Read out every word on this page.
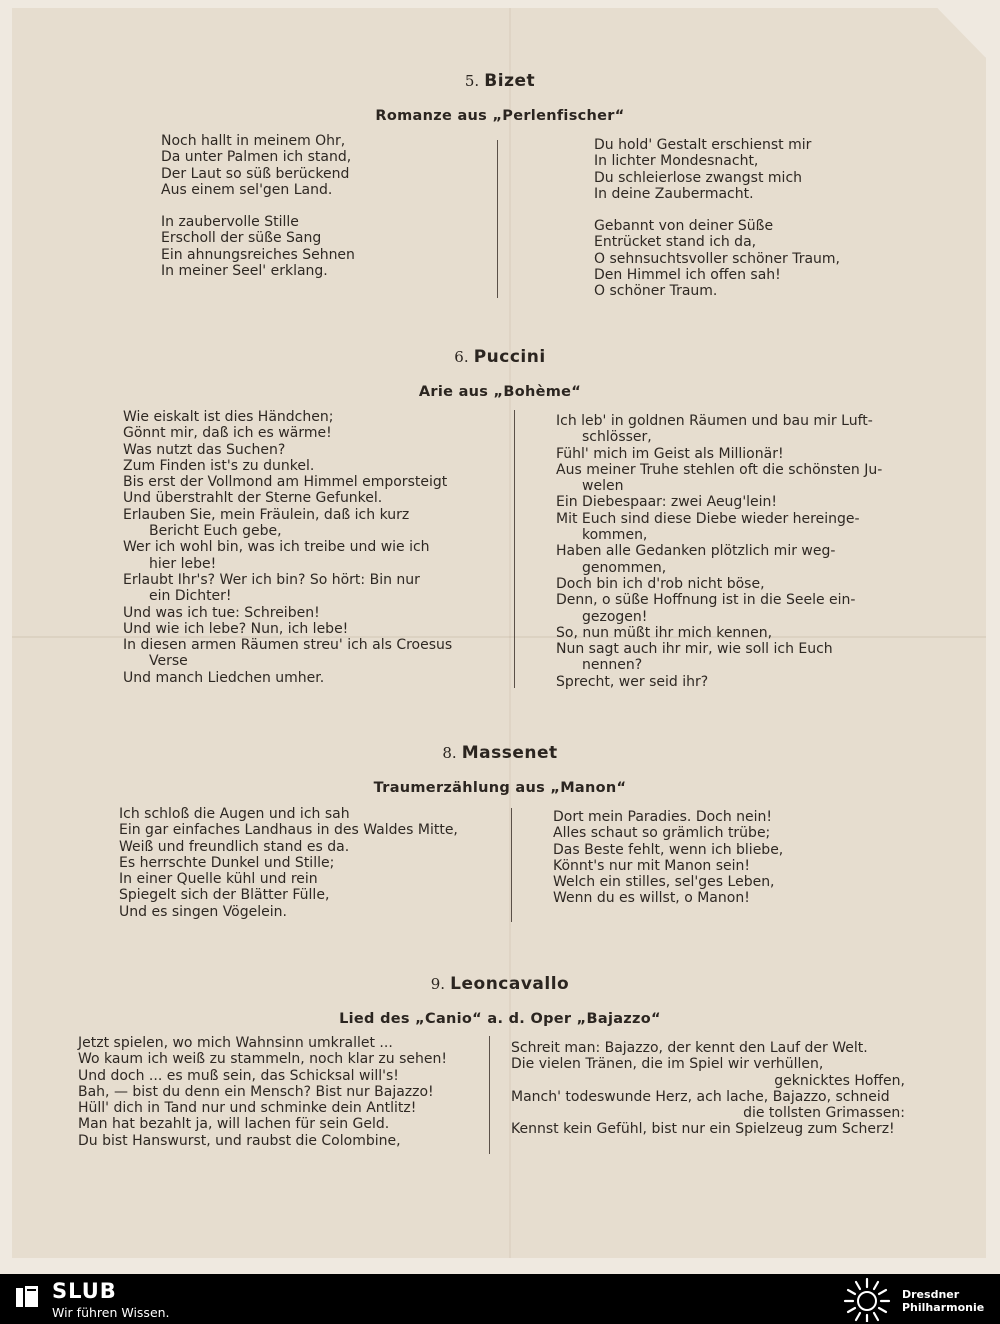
5. Bizet
Romanze aus „Perlenfischer“
Noch hallt in meinem Ohr,
Da unter Palmen ich stand,
Der Laut so süß berückend
Aus einem sel'gen Land.
In zaubervolle Stille
Erscholl der süße Sang
Ein ahnungsreiches Sehnen
In meiner Seel' erklang.
Du hold' Gestalt erschienst mir
In lichter Mondesnacht,
Du schleierlose zwangst mich
In deine Zaubermacht.
Gebannt von deiner Süße
Entrücket stand ich da,
O sehnsuchtsvoller schöner Traum,
Den Himmel ich offen sah!
O schöner Traum.
6. Puccini
Arie aus „Bohème“
Wie eiskalt ist dies Händchen;
Gönnt mir, daß ich es wärme!
Was nutzt das Suchen?
Zum Finden ist's zu dunkel.
Bis erst der Vollmond am Himmel emporsteigt
Und überstrahlt der Sterne Gefunkel.
Erlauben Sie, mein Fräulein, daß ich kurz
Bericht Euch gebe,
Wer ich wohl bin, was ich treibe und wie ich
hier lebe!
Erlaubt Ihr's? Wer ich bin? So hört: Bin nur
ein Dichter!
Und was ich tue: Schreiben!
Und wie ich lebe? Nun, ich lebe!
In diesen armen Räumen streu' ich als Croesus
Verse
Und manch Liedchen umher.
Ich leb' in goldnen Räumen und bau mir Luft-
schlösser,
Fühl' mich im Geist als Millionär!
Aus meiner Truhe stehlen oft die schönsten Ju-
welen
Ein Diebespaar: zwei Aeug'lein!
Mit Euch sind diese Diebe wieder hereinge-
kommen,
Haben alle Gedanken plötzlich mir weg-
genommen,
Doch bin ich d'rob nicht böse,
Denn, o süße Hoffnung ist in die Seele ein-
gezogen!
So, nun müßt ihr mich kennen,
Nun sagt auch ihr mir, wie soll ich Euch
nennen?
Sprecht, wer seid ihr?
8. Massenet
Traumerzählung aus „Manon“
Ich schloß die Augen und ich sah
Ein gar einfaches Landhaus in des Waldes Mitte,
Weiß und freundlich stand es da.
Es herrschte Dunkel und Stille;
In einer Quelle kühl und rein
Spiegelt sich der Blätter Fülle,
Und es singen Vögelein.
Dort mein Paradies. Doch nein!
Alles schaut so grämlich trübe;
Das Beste fehlt, wenn ich bliebe,
Könnt's nur mit Manon sein!
Welch ein stilles, sel'ges Leben,
Wenn du es willst, o Manon!
9. Leoncavallo
Lied des „Canio“ a. d. Oper „Bajazzo“
Jetzt spielen, wo mich Wahnsinn umkrallet ...
Wo kaum ich weiß zu stammeln, noch klar zu sehen!
Und doch ... es muß sein, das Schicksal will's!
Bah, — bist du denn ein Mensch? Bist nur Bajazzo!
Hüll' dich in Tand nur und schminke dein Antlitz!
Man hat bezahlt ja, will lachen für sein Geld.
Du bist Hanswurst, und raubst die Colombine,
Schreit man: Bajazzo, der kennt den Lauf der Welt.
Die vielen Tränen, die im Spiel wir verhüllen,
geknicktes Hoffen,
Manch' todeswunde Herz, ach lache, Bajazzo, schneid
die tollsten Grimassen:
Kennst kein Gefühl, bist nur ein Spielzeug zum Scherz!
SLUB
Wir führen Wissen.
Dresdner
Philharmonie
